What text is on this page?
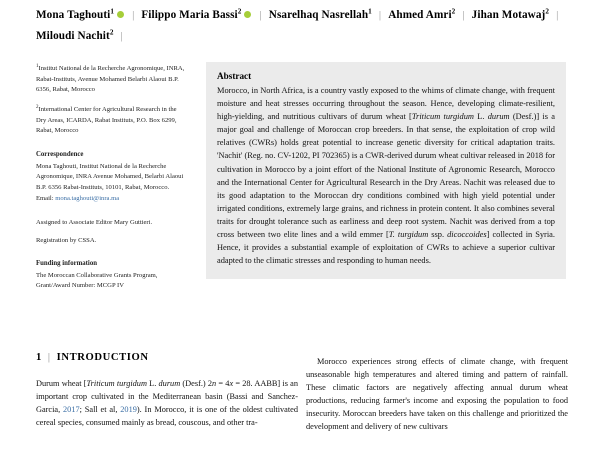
Mona Taghouti$^1$ | Filippo Maria Bassi$^2$ | Nsarelhaq Nasrellah$^1$ | Ahmed Amri$^2$ | Jihan Motawaj$^2$ |Miloudi Nachit$^2$ |

$^1$Institut National de la Recherche Agronomique, INRA, Rabat-Instituts, Avenue Mohamed Belarbi Alaoui B.P. 6356, Rabat, Morocco

$^2$International Center for Agricultural Research in the Dry Areas, ICARDA, Rabat Instituts, P.O. Box 6299, Rabat, Morocco

Correspondence

Mona Taghouti, Institut National de la Recherche Agronomique, INRA Avenue Mohamed, Belarbi Alaoui B.P. 6356 Rabat-Instituts, 10101, Rabat, Morocco.

Email: mona.taghouti@inra.ma

Assigned to Associate Editor Mary Guttieri.

Registration by CSSA.

Funding information

The Moroccan Collaborative Grants Program, Grant/Award Number: MCGP IV

Abstract

Morocco, in North Africa, is a country vastly exposed to the whims of climate change, with frequent moisture and heat stresses occurring throughout the season. Hence, developing climate-resilient, high-yielding, and nutritious cultivars of durum wheat [Triticum turgidum L. durum (Desf.)] is a major goal and challenge of Moroccan crop breeders. In that sense, the exploitation of crop wild relatives (CWRs) holds great potential to increase genetic diversity for critical adaptation traits. 'Nachit' (Reg. no. CV-1202, PI 702365) is a CWR-derived durum wheat cultivar released in 2018 for cultivation in Morocco by a joint effort of the National Institute of Agronomic Research, Morocco and the International Center for Agricultural Research in the Dry Areas. Nachit was released due to its good adaptation to the Moroccan dry conditions combined with high yield potential under irrigated conditions, extremely large grains, and richness in protein content. It also combines several traits for drought tolerance such as earliness and deep root system. Nachit was derived from a top cross between two elite lines and a wild emmer [T. turgidum ssp. dicoccoides] collected in Syria. Hence, it provides a substantial example of exploitation of CWRs to achieve a superior cultivar adapted to the climatic stresses and responding to human needs.

1 | INTRODUCTION

Durum wheat [Triticum turgidum L. durum (Desf.) 2n = 4x = 28. AABB] is an important crop cultivated in the Mediterranean basin (Bassi and Sanchez-Garcia, 2017; Sall et al, 2019). In Morocco, it is one of the oldest cultivated cereal species, consumed mainly as bread, couscous, and other tra-

Morocco experiences strong effects of climate change, with frequent unseasonable high temperatures and altered timing and pattern of rainfall. These climatic factors are negatively affecting annual durum wheat productions, reducing farmer's income and exposing the population to food insecurity. Moroccan breeders have taken on this challenge and prioritized the development and delivery of new cultivars
